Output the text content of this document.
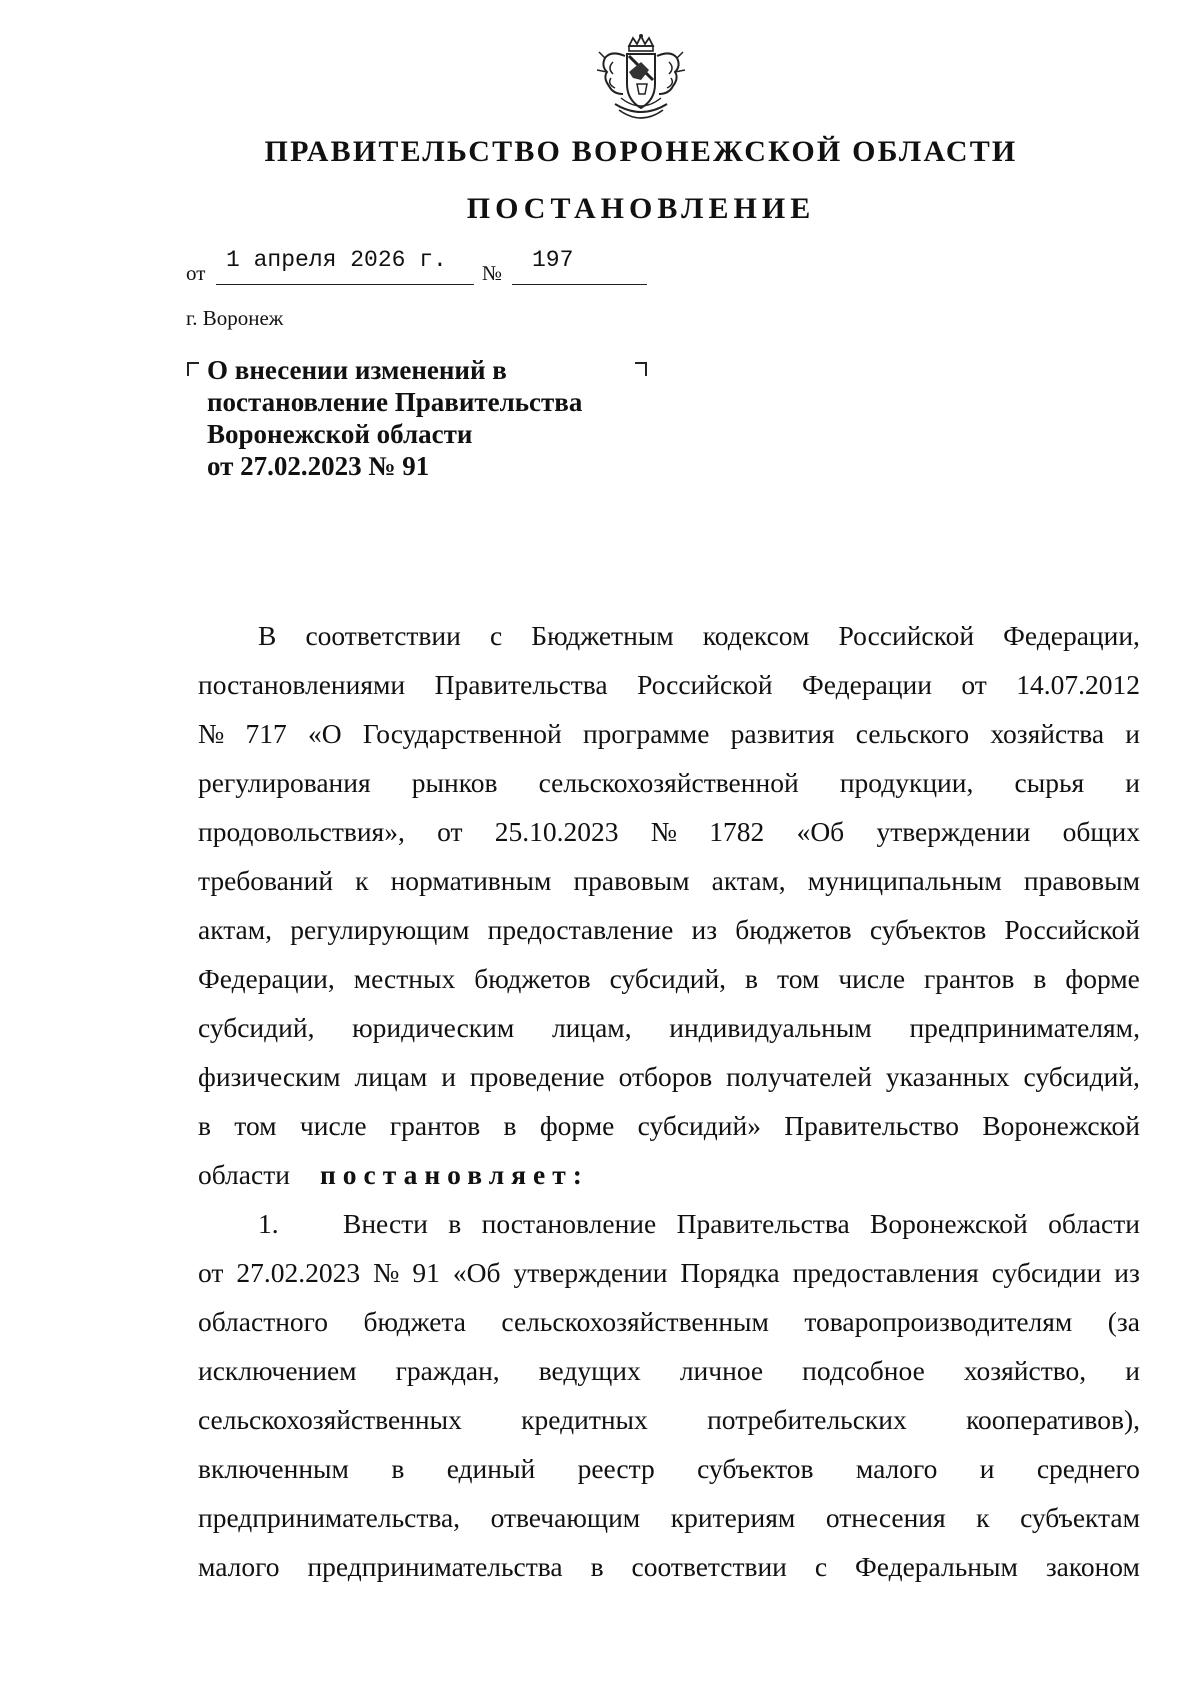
ПРАВИТЕЛЬСТВО ВОРОНЕЖСКОЙ ОБЛАСТИ
ПОСТАНОВЛЕНИЕ
от 1 апреля 2026 г. № 197
г. Воронеж
О внесении изменений в
постановление Правительства
Воронежской области
от 27.02.2023 № 91
В соответствии с Бюджетным кодексом Российской Федерации,
постановлениями Правительства Российской Федерации от 14.07.2012
№ 717 «О Государственной программе развития сельского хозяйства и
регулирования рынков сельскохозяйственной продукции, сырья и
продовольствия», от 25.10.2023 № 1782 «Об утверждении общих
требований к нормативным правовым актам, муниципальным правовым
актам, регулирующим предоставление из бюджетов субъектов Российской
Федерации, местных бюджетов субсидий, в том числе грантов в форме
субсидий, юридическим лицам, индивидуальным предпринимателям,
физическим лицам и проведение отборов получателей указанных субсидий,
в том числе грантов в форме субсидий» Правительство Воронежской
области постановляет:
1.	Внести в постановление Правительства Воронежской области
от 27.02.2023 № 91 «Об утверждении Порядка предоставления субсидии из
областного бюджета сельскохозяйственным товаропроизводителям (за
исключением граждан, ведущих личное подсобное хозяйство, и
сельскохозяйственных кредитных потребительских кооперативов),
включенным в единый реестр субъектов малого и среднего
предпринимательства, отвечающим критериям отнесения к субъектам
малого предпринимательства в соответствии с Федеральным законом
